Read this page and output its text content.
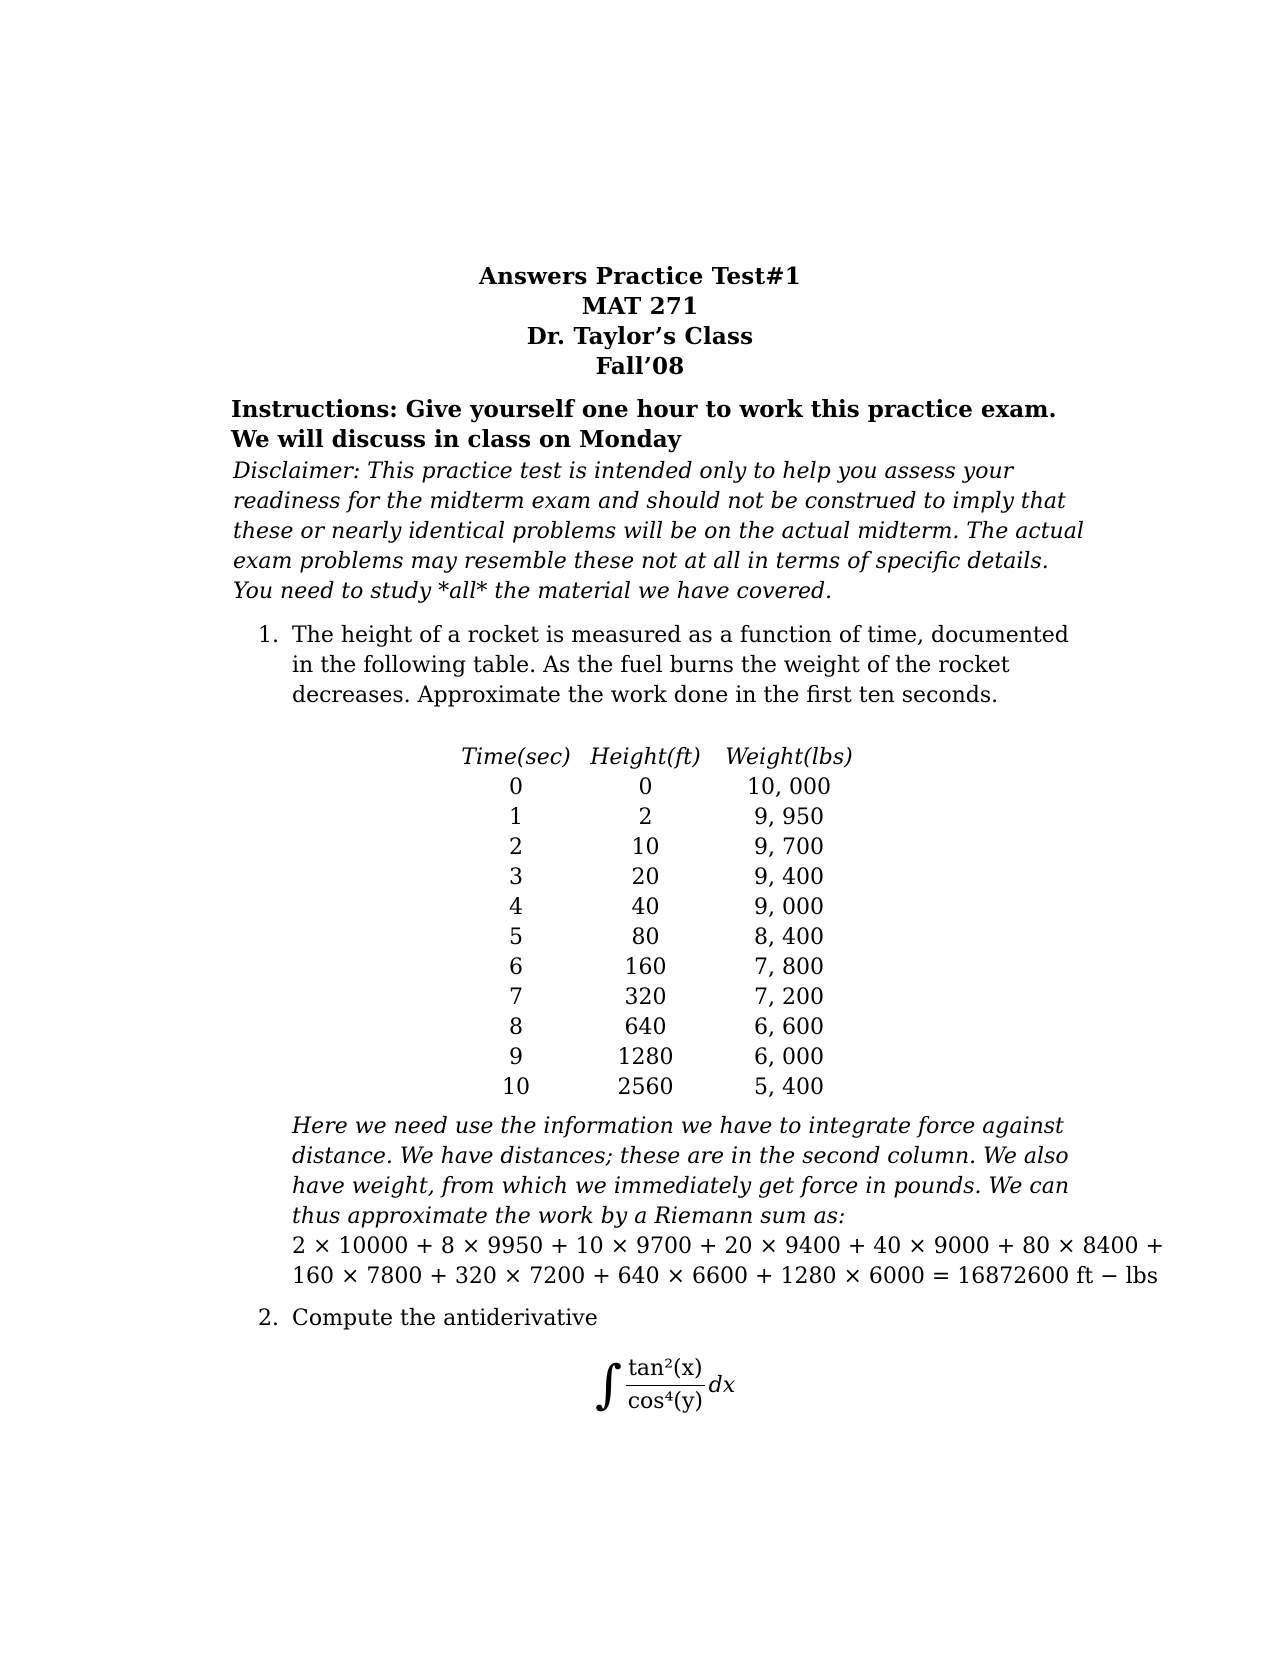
Answers Practice Test#1
MAT 271
Dr. Taylor’s Class
Fall’08
Instructions: Give yourself one hour to work this practice exam.
We will discuss in class on Monday
Disclaimer: This practice test is intended only to help you assess your
readiness for the midterm exam and should not be construed to imply that
these or nearly identical problems will be on the actual midterm. The actual
exam problems may resemble these not at all in terms of specific details.
You need to study *all* the material we have covered.
1. The height of a rocket is measured as a function of time, documented
in the following table. As the fuel burns the weight of the rocket
decreases. Approximate the work done in the first ten seconds.
Time(sec) Height(ft)	Weight(lbs)
0	0	10, 000
1	2	9, 950
2	10	9, 700
3	20	9, 400
4	40	9, 000
5	80	8, 400
6	160	7, 800
7	320	7, 200
8	640	6, 600
9	1280	6, 000
10	2560	5, 400
Here we need use the information we have to integrate force against
distance. We have distances; these are in the second column. We also
have weight, from which we immediately get force in pounds. We can
thus approximate the work by a Riemann sum as:
2 × 10000 + 8 × 9950 + 10 × 9700 + 20 × 9400 + 40 × 9000 + 80 × 8400 +
160 × 7800 + 320 × 7200 + 640 × 6600 + 1280 × 6000 = 16872600 ft − lbs
2. Compute the antiderivative
∫ $\frac{\text{tan²(x)}}{\text{cos⁴(y)}}$ dx
